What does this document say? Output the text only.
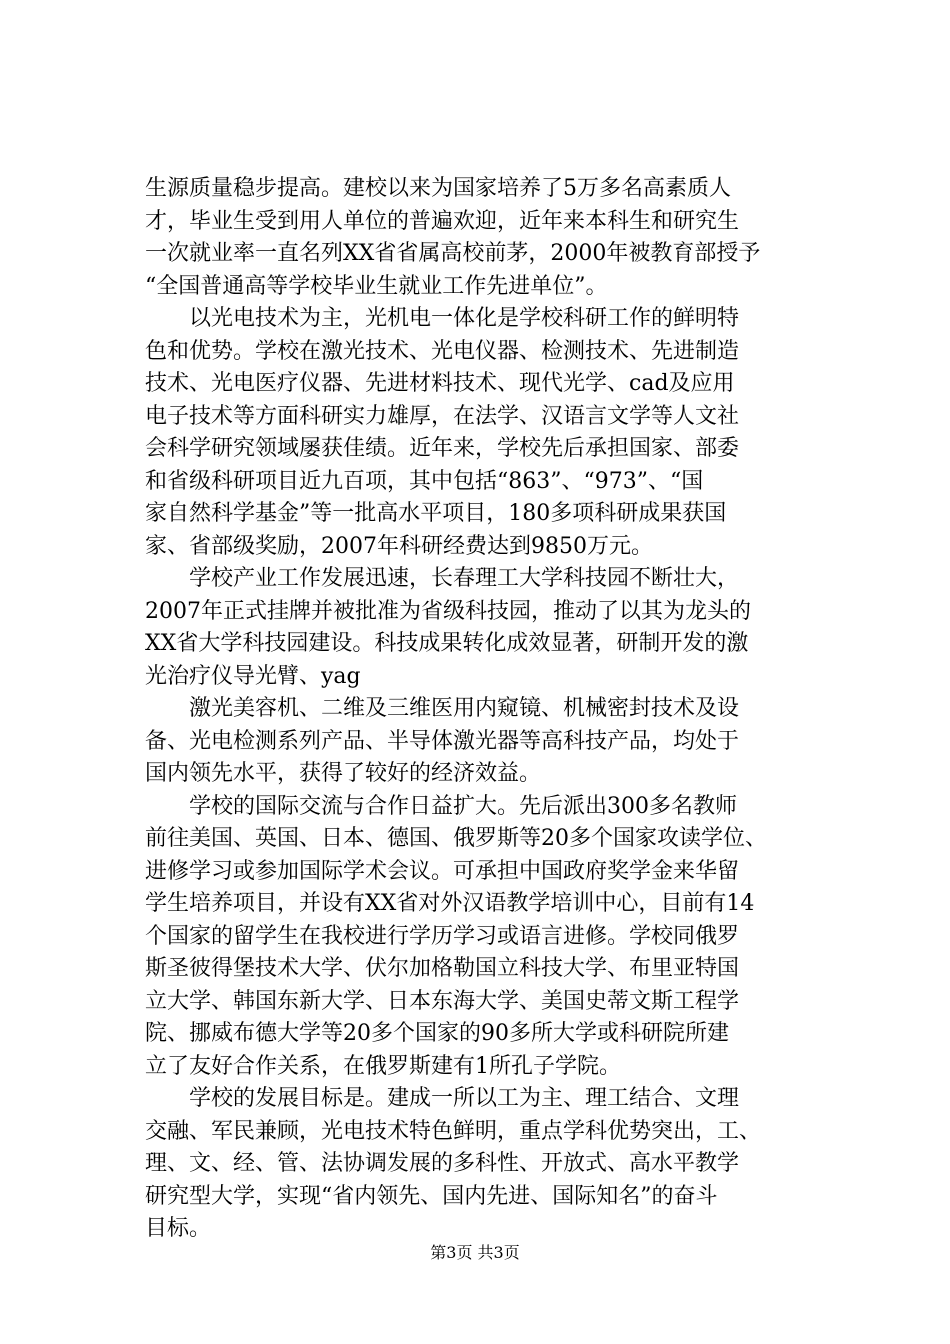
生源质量稳步提高。建校以来为国家培养了5万多名高素质人
才，毕业生受到用人单位的普遍欢迎，近年来本科生和研究生
一次就业率一直名列XX省省属高校前茅，2000年被教育部授予
“全国普通高等学校毕业生就业工作先进单位”。
以光电技术为主，光机电一体化是学校科研工作的鲜明特
色和优势。学校在激光技术、光电仪器、检测技术、先进制造
技术、光电医疗仪器、先进材料技术、现代光学、cad及应用
电子技术等方面科研实力雄厚，在法学、汉语言文学等人文社
会科学研究领域屡获佳绩。近年来，学校先后承担国家、部委
和省级科研项目近九百项，其中包括“863”、“973”、“国
家自然科学基金”等一批高水平项目，180多项科研成果获国
家、省部级奖励，2007年科研经费达到9850万元。
学校产业工作发展迅速，长春理工大学科技园不断壮大，
2007年正式挂牌并被批准为省级科技园，推动了以其为龙头的
XX省大学科技园建设。科技成果转化成效显著，研制开发的激
光治疗仪导光臂、yag
激光美容机、二维及三维医用内窥镜、机械密封技术及设
备、光电检测系列产品、半导体激光器等高科技产品，均处于
国内领先水平，获得了较好的经济效益。
学校的国际交流与合作日益扩大。先后派出300多名教师
前往美国、英国、日本、德国、俄罗斯等20多个国家攻读学位、
进修学习或参加国际学术会议。可承担中国政府奖学金来华留
学生培养项目，并设有XX省对外汉语教学培训中心，目前有14
个国家的留学生在我校进行学历学习或语言进修。学校同俄罗
斯圣彼得堡技术大学、伏尔加格勒国立科技大学、布里亚特国
立大学、韩国东新大学、日本东海大学、美国史蒂文斯工程学
院、挪威布德大学等20多个国家的90多所大学或科研院所建
立了友好合作关系，在俄罗斯建有1所孔子学院。
学校的发展目标是。建成一所以工为主、理工结合、文理
交融、军民兼顾，光电技术特色鲜明，重点学科优势突出，工、
理、文、经、管、法协调发展的多科性、开放式、高水平教学
研究型大学，实现“省内领先、国内先进、国际知名”的奋斗
目标。
第3页 共3页
